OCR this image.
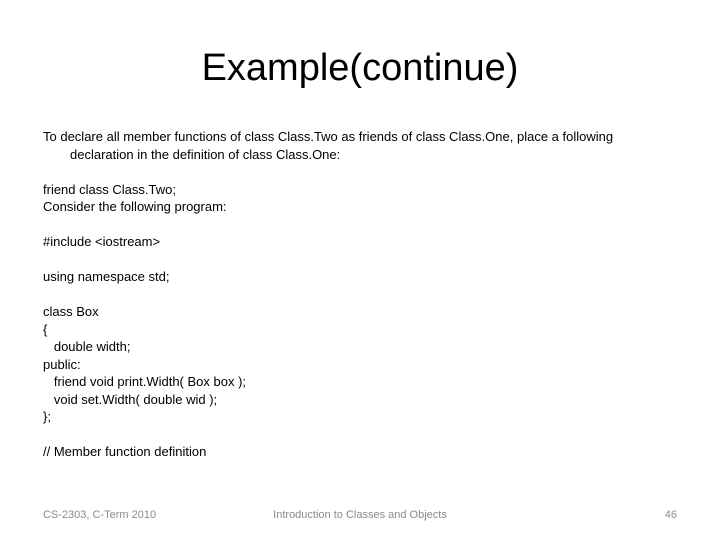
Example(continue)

To declare all member functions of class Class.Two as friends of class Class.One, place a following declaration in the definition of class Class.One:

friend class Class.Two;

Consider the following program:

#include <iostream>

using namespace std;

class Box

{

double width;

public:

friend void print.Width( Box box );

void set.Width( double wid );

};

// Member function definition

CS-2303, C-Term 2010	Introduction to Classes and Objects	46
